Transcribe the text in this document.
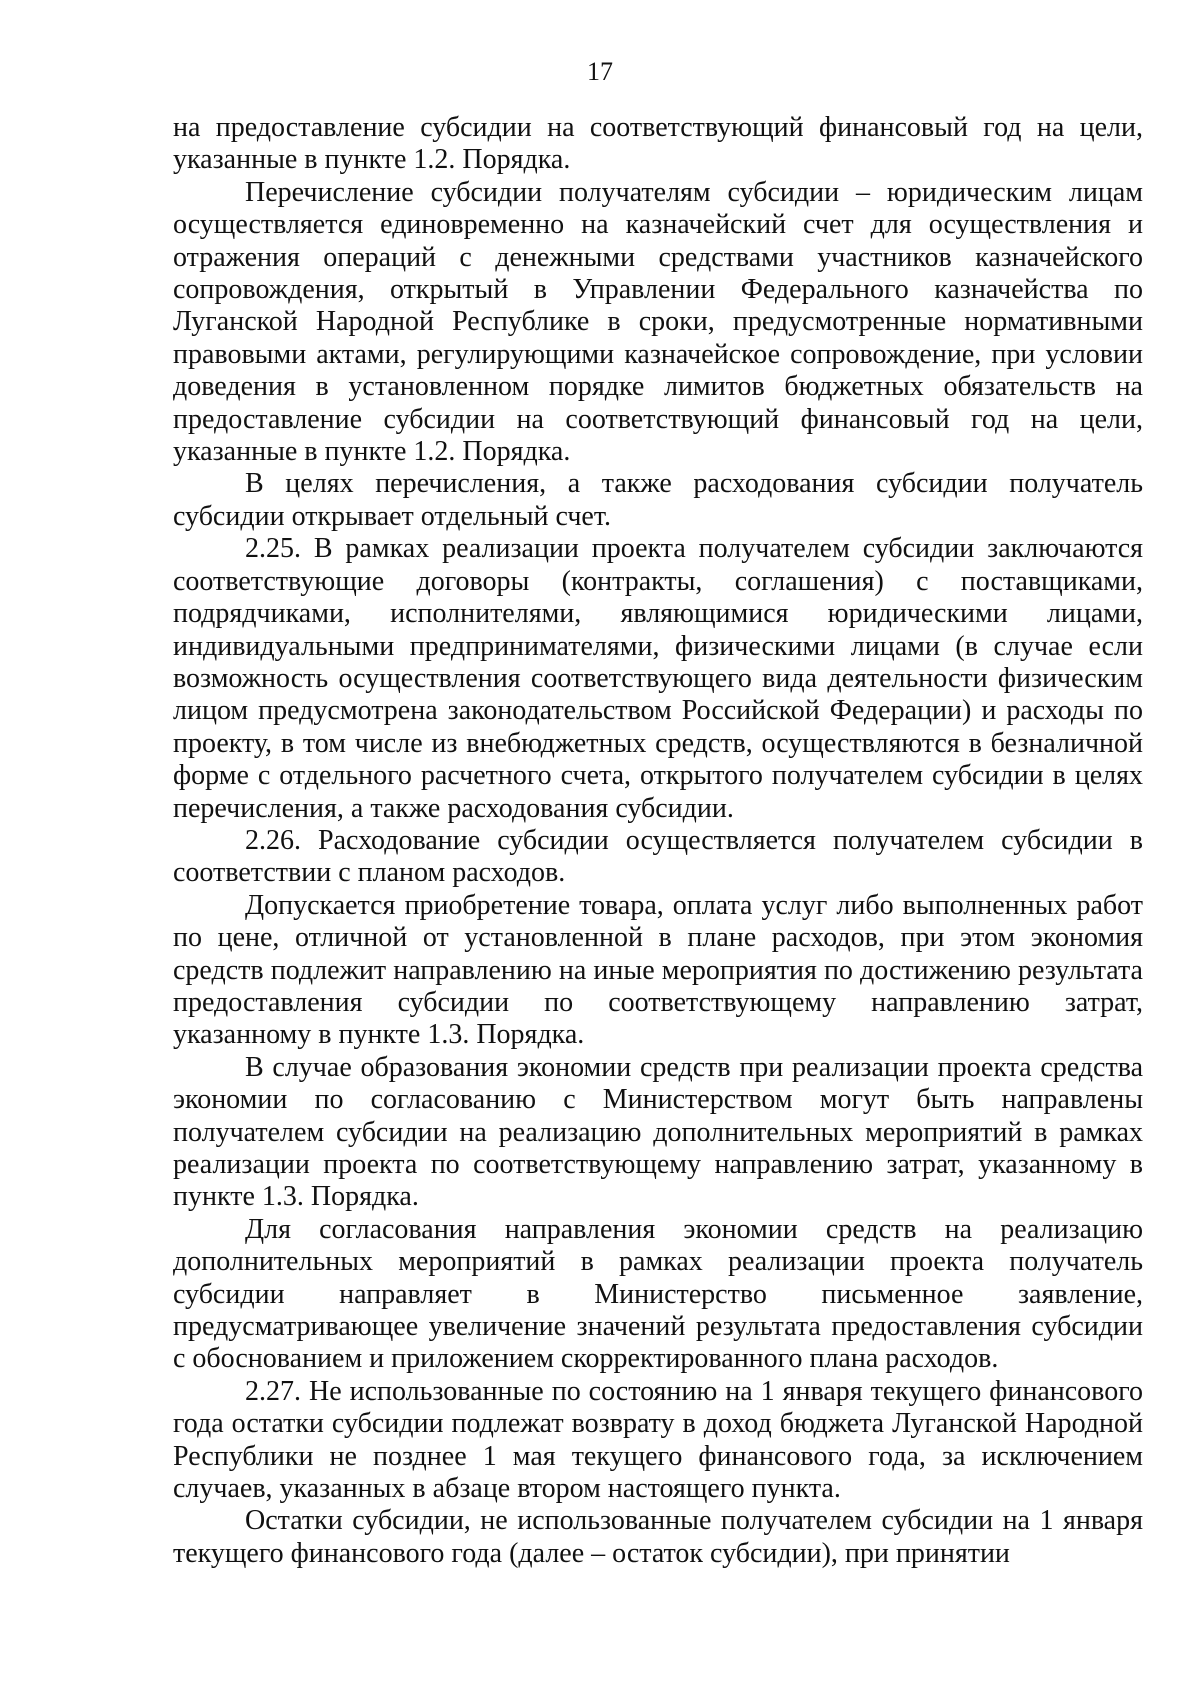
17

на предоставление субсидии на соответствующий финансовый год на цели, указанные в пункте 1.2. Порядка.

Перечисление субсидии получателям субсидии – юридическим лицам осуществляется единовременно на казначейский счет для осуществления и отражения операций с денежными средствами участников казначейского сопровождения, открытый в Управлении Федерального казначейства по Луганской Народной Республике в сроки, предусмотренные нормативными правовыми актами, регулирующими казначейское сопровождение, при условии доведения в установленном порядке лимитов бюджетных обязательств на предоставление субсидии на соответствующий финансовый год на цели, указанные в пункте 1.2. Порядка.

В целях перечисления, а также расходования субсидии получатель субсидии открывает отдельный счет.

2.25. В рамках реализации проекта получателем субсидии заключаются соответствующие договоры (контракты, соглашения) с поставщиками, подрядчиками, исполнителями, являющимися юридическими лицами, индивидуальными предпринимателями, физическими лицами (в случае если возможность осуществления соответствующего вида деятельности физическим лицом предусмотрена законодательством Российской Федерации) и расходы по проекту, в том числе из внебюджетных средств, осуществляются в безналичной форме с отдельного расчетного счета, открытого получателем субсидии в целях перечисления, а также расходования субсидии.

2.26. Расходование субсидии осуществляется получателем субсидии в соответствии с планом расходов.

Допускается приобретение товара, оплата услуг либо выполненных работ по цене, отличной от установленной в плане расходов, при этом экономия средств подлежит направлению на иные мероприятия по достижению результата предоставления субсидии по соответствующему направлению затрат, указанному в пункте 1.3. Порядка.

В случае образования экономии средств при реализации проекта средства экономии по согласованию с Министерством могут быть направлены получателем субсидии на реализацию дополнительных мероприятий в рамках реализации проекта по соответствующему направлению затрат, указанному в пункте 1.3. Порядка.

Для согласования направления экономии средств на реализацию дополнительных мероприятий в рамках реализации проекта получатель субсидии направляет в Министерство письменное заявление, предусматривающее увеличение значений результата предоставления субсидии с обоснованием и приложением скорректированного плана расходов.

2.27. Не использованные по состоянию на 1 января текущего финансового года остатки субсидии подлежат возврату в доход бюджета Луганской Народной Республики не позднее 1 мая текущего финансового года, за исключением случаев, указанных в абзаце втором настоящего пункта.

Остатки субсидии, не использованные получателем субсидии на 1 января текущего финансового года (далее – остаток субсидии), при принятии
